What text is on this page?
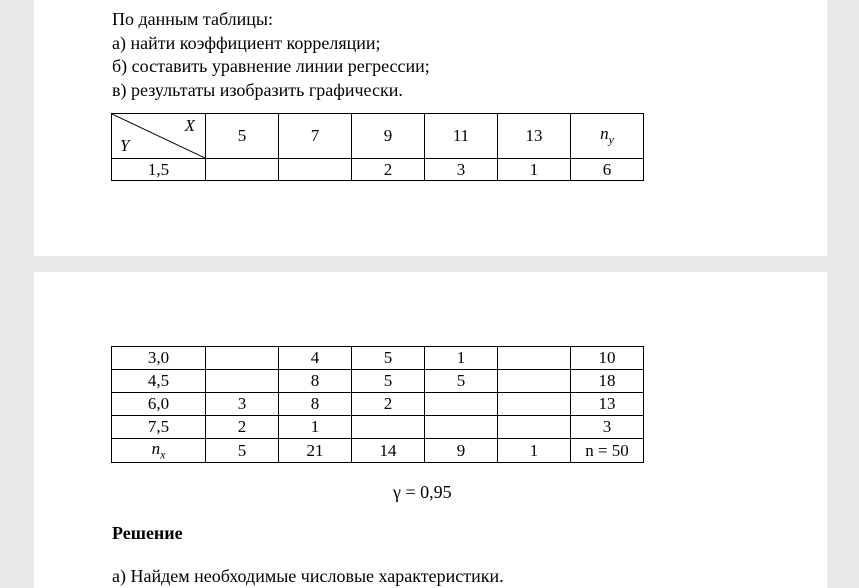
По данным таблицы:
а) найти коэффициент корреляции;
б) составить уравнение линии регрессии;
в) результаты изобразить графически.
X
Y	5	7	9	11	13	$n_y$
1,5			2	3	1	6
3,0		4	5	1		10
4,5		8	5	5		18
6,0	3	8	2			13
7,5	2	1				3
$n_x$	5	21	14	9	1	n = 50
γ = 0,95
Решение
а) Найдем необходимые числовые характеристики.
